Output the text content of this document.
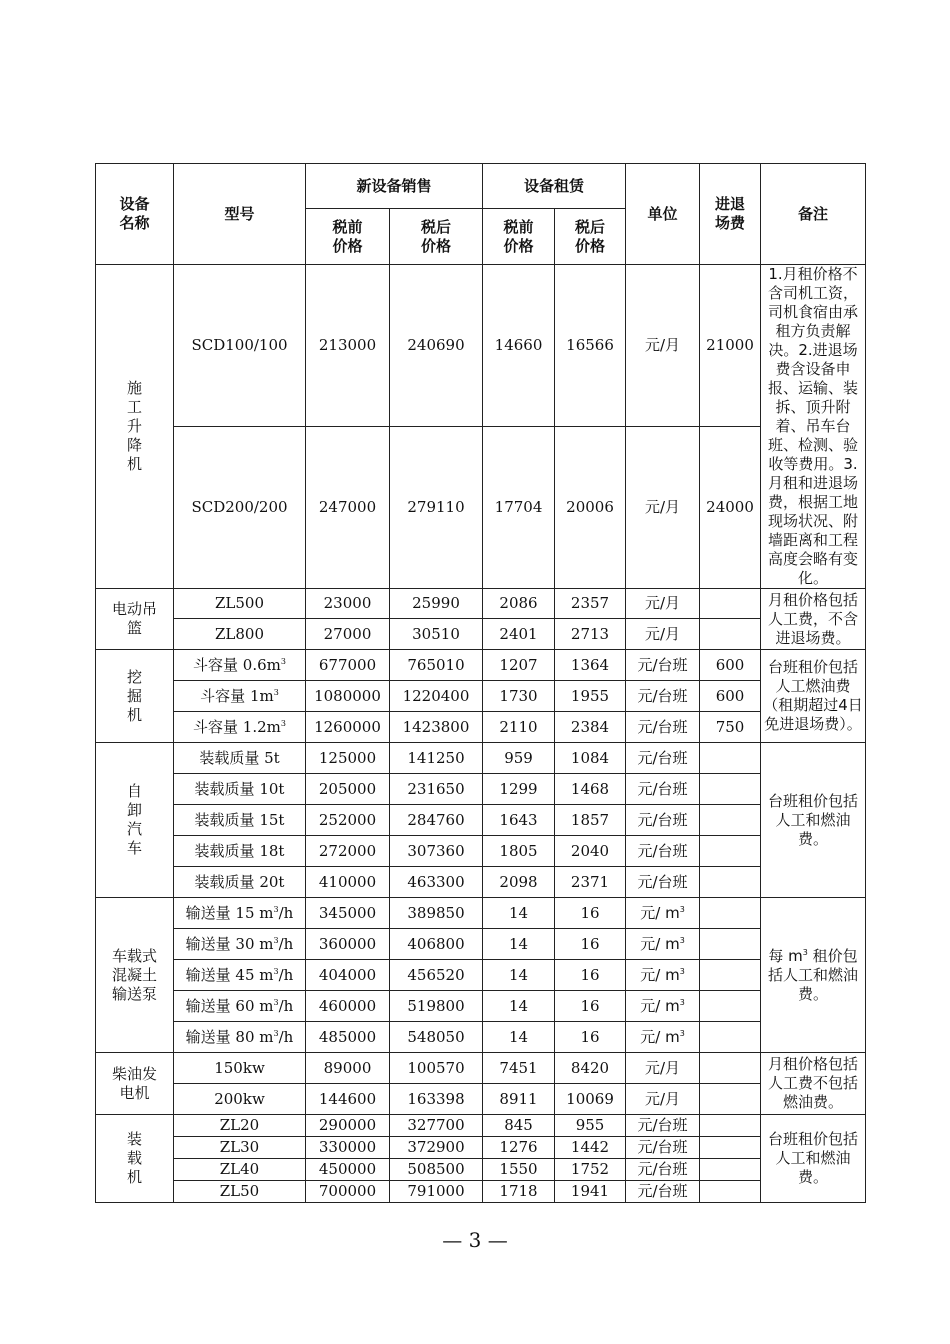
设备名称	型号	新设备销售		设备租赁		单位	进退场费	备注
		税前价格	税后价格	税前价格	税后价格			
施工升降机	SCD100/100	213000	240690	14660	16566	元/月	21000	1.月租价格不含司机工资，司机食宿由承租方负责解决。2.进退场费含设备申报、运输、装拆、顶升附着、吊车台班、检测、验收等费用。3.月租和进退场费，根据工地现场状况、附墙距离和工程高度会略有变化。
	SCD200/200	247000	279110	17704	20006	元/月	24000	
电动吊篮	ZL500	23000	25990	2086	2357	元/月		月租价格包括人工费，不含进退场费。
	ZL800	27000	30510	2401	2713	元/月		
挖掘机	斗容量 $0.6m^3$	677000	765010	1207	1364	元/台班	600	台班租价包括人工燃油费（租期超过4日免进退场费）。
	斗容量 $1m^3$	1080000	1220400	1730	1955	元/台班	600	
	斗容量 $1.2m^3$	1260000	1423800	2110	2384	元/台班	750	
自卸汽车	装载质量 5t	125000	141250	959	1084	元/台班		台班租价包括人工和燃油费。
	装载质量 10t	205000	231650	1299	1468	元/台班		
	装载质量 15t	252000	284760	1643	1857	元/台班		
	装载质量 18t	272000	307360	1805	2040	元/台班		
	装载质量 20t	410000	463300	2098	2371	元/台班		
车载式混凝土输送泵	输送量 15 $m^3/h$	345000	389850	14	16	元/ $m^3$		每 $m^3$ 租价包括人工和燃油费。
	输送量 30 $m^3/h$	360000	406800	14	16	元/ $m^3$	
	输送量 45 $m^3/h$	404000	456520	14	16	元/ $m^3$	
	输送量 60 $m^3/h$	460000	519800	14	16	元/ $m^3$	
	输送量 80 $m^3/h$	485000	548050	14	16	元/ $m^3$	
柴油发电机	150kw	89000	100570	7451	8420	元/月		月租价格包括人工费不包括燃油费。
	200kw	144600	163398	8911	10069	元/月		
装载机	ZL20	290000	327700	845	955	元/台班		台班租价包括人工和燃油费。
	ZL30	330000	372900	1276	1442	元/台班		
	ZL40	450000	508500	1550	1752	元/台班		
	ZL50	700000	791000	1718	1941	元/台班		
— 3 —
